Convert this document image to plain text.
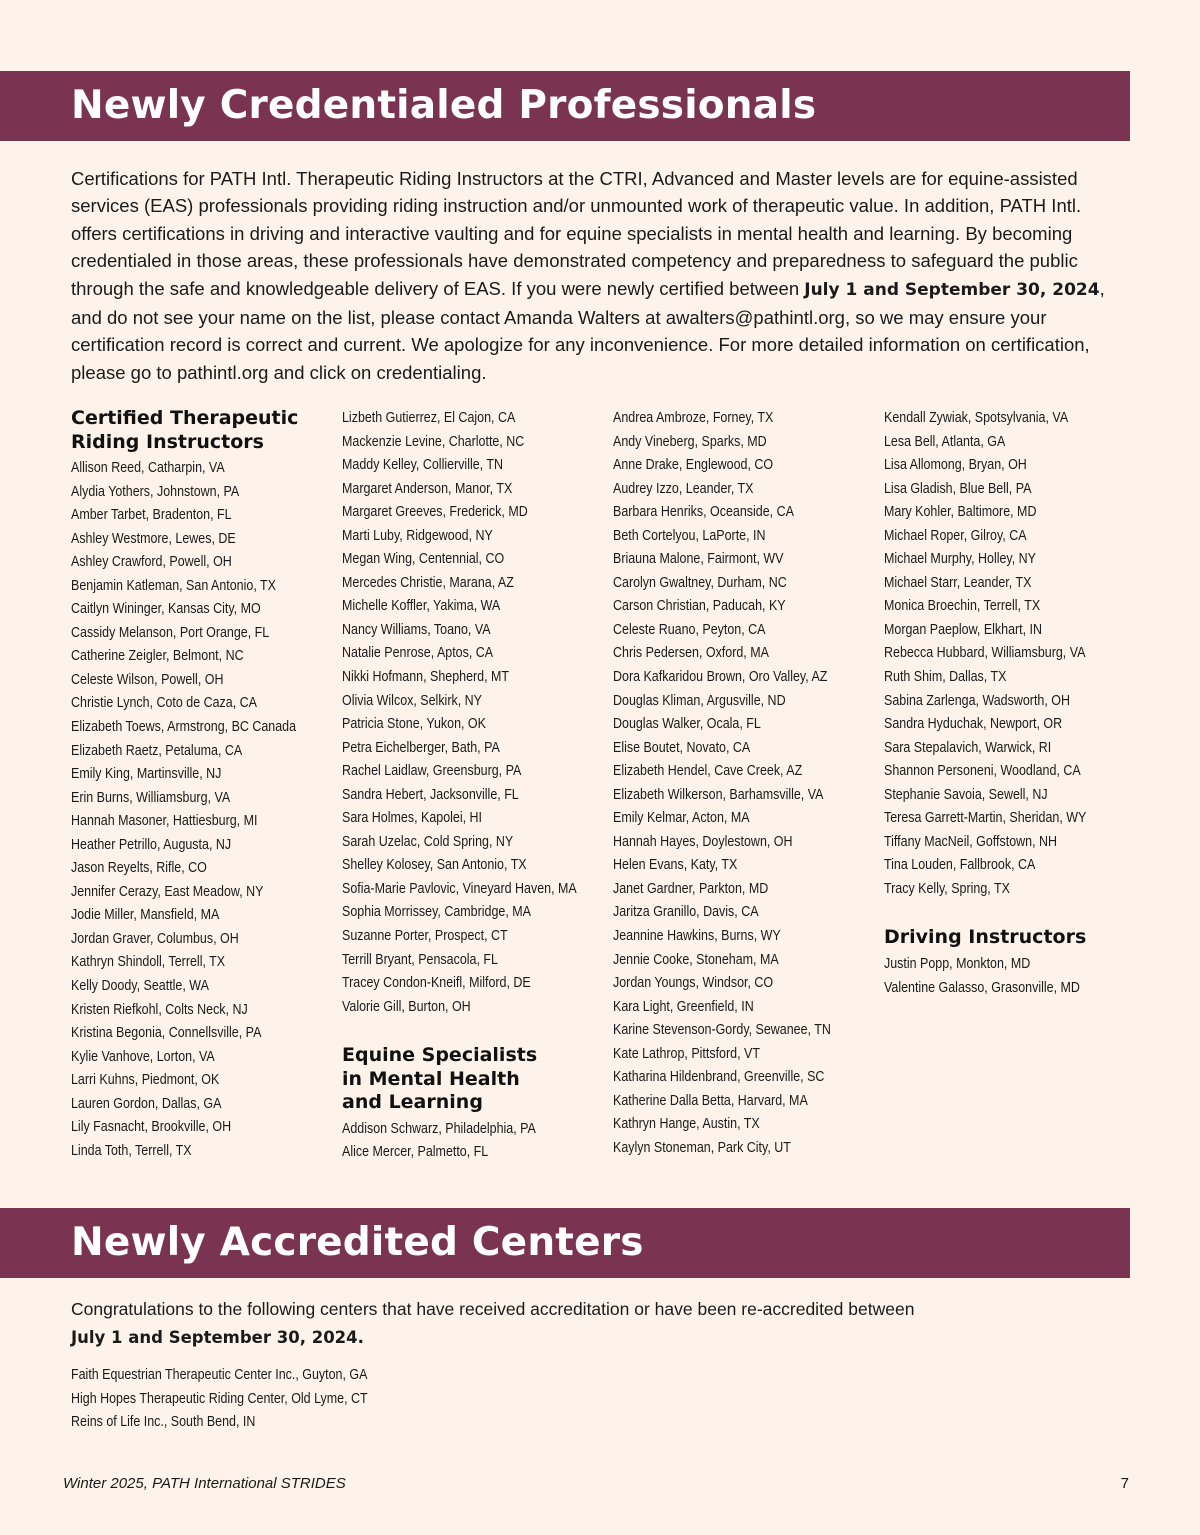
Newly Credentialed Professionals

Certifications for PATH Intl. Therapeutic Riding Instructors at the CTRI, Advanced and Master levels are for equine-assisted services (EAS) professionals providing riding instruction and/or unmounted work of therapeutic value. In addition, PATH Intl. offers certifications in driving and interactive vaulting and for equine specialists in mental health and learning. By becoming credentialed in those areas, these professionals have demonstrated competency and preparedness to safeguard the public through the safe and knowledgeable delivery of EAS. If you were newly certified between July 1 and September 30, 2024, and do not see your name on the list, please contact Amanda Walters at awalters@pathintl.org, so we may ensure your certification record is correct and current. We apologize for any inconvenience. For more detailed information on certification, please go to pathintl.org and click on credentialing.

Certified Therapeutic Riding Instructors
Allison Reed, Catharpin, VA
Alydia Yothers, Johnstown, PA
Amber Tarbet, Bradenton, FL
Ashley Westmore, Lewes, DE
Ashley Crawford, Powell, OH
Benjamin Katleman, San Antonio, TX
Caitlyn Wininger, Kansas City, MO
Cassidy Melanson, Port Orange, FL
Catherine Zeigler, Belmont, NC
Celeste Wilson, Powell, OH
Christie Lynch, Coto de Caza, CA
Elizabeth Toews, Armstrong, BC Canada
Elizabeth Raetz, Petaluma, CA
Emily King, Martinsville, NJ
Erin Burns, Williamsburg, VA
Hannah Masoner, Hattiesburg, MI
Heather Petrillo, Augusta, NJ
Jason Reyelts, Rifle, CO
Jennifer Cerazy, East Meadow, NY
Jodie Miller, Mansfield, MA
Jordan Graver, Columbus, OH
Kathryn Shindoll, Terrell, TX
Kelly Doody, Seattle, WA
Kristen Riefkohl, Colts Neck, NJ
Kristina Begonia, Connellsville, PA
Kylie Vanhove, Lorton, VA
Larri Kuhns, Piedmont, OK
Lauren Gordon, Dallas, GA
Lily Fasnacht, Brookville, OH
Linda Toth, Terrell, TX
Lizbeth Gutierrez, El Cajon, CA
Mackenzie Levine, Charlotte, NC
Maddy Kelley, Collierville, TN
Margaret Anderson, Manor, TX
Margaret Greeves, Frederick, MD
Marti Luby, Ridgewood, NY
Megan Wing, Centennial, CO
Mercedes Christie, Marana, AZ
Michelle Koffler, Yakima, WA
Nancy Williams, Toano, VA
Natalie Penrose, Aptos, CA
Nikki Hofmann, Shepherd, MT
Olivia Wilcox, Selkirk, NY
Patricia Stone, Yukon, OK
Petra Eichelberger, Bath, PA
Rachel Laidlaw, Greensburg, PA
Sandra Hebert, Jacksonville, FL
Sara Holmes, Kapolei, HI
Sarah Uzelac, Cold Spring, NY
Shelley Kolosey, San Antonio, TX
Sofia-Marie Pavlovic, Vineyard Haven, MA
Sophia Morrissey, Cambridge, MA
Suzanne Porter, Prospect, CT
Terrill Bryant, Pensacola, FL
Tracey Condon-Kneifl, Milford, DE
Valorie Gill, Burton, OH
Equine Specialists
in Mental Health
and Learning
Addison Schwarz, Philadelphia, PA
Alice Mercer, Palmetto, FL
Andrea Ambroze, Forney, TX
Andy Vineberg, Sparks, MD
Anne Drake, Englewood, CO
Audrey Izzo, Leander, TX
Barbara Henriks, Oceanside, CA
Beth Cortelyou, LaPorte, IN
Briauna Malone, Fairmont, WV
Carolyn Gwaltney, Durham, NC
Carson Christian, Paducah, KY
Celeste Ruano, Peyton, CA
Chris Pedersen, Oxford, MA
Dora Kafkaridou Brown, Oro Valley, AZ
Douglas Kliman, Argusville, ND
Douglas Walker, Ocala, FL
Elise Boutet, Novato, CA
Elizabeth Hendel, Cave Creek, AZ
Elizabeth Wilkerson, Barhamsville, VA
Emily Kelmar, Acton, MA
Hannah Hayes, Doylestown, OH
Helen Evans, Katy, TX
Janet Gardner, Parkton, MD
Jaritza Granillo, Davis, CA
Jeannine Hawkins, Burns, WY
Jennie Cooke, Stoneham, MA
Jordan Youngs, Windsor, CO
Kara Light, Greenfield, IN
Karine Stevenson-Gordy, Sewanee, TN
Kate Lathrop, Pittsford, VT
Katharina Hildenbrand, Greenville, SC
Katherine Dalla Betta, Harvard, MA
Kathryn Hange, Austin, TX
Kaylyn Stoneman, Park City, UT
Kendall Zywiak, Spotsylvania, VA
Lesa Bell, Atlanta, GA
Lisa Allomong, Bryan, OH
Lisa Gladish, Blue Bell, PA
Mary Kohler, Baltimore, MD
Michael Roper, Gilroy, CA
Michael Murphy, Holley, NY
Michael Starr, Leander, TX
Monica Broechin, Terrell, TX
Morgan Paeplow, Elkhart, IN
Rebecca Hubbard, Williamsburg, VA
Ruth Shim, Dallas, TX
Sabina Zarlenga, Wadsworth, OH
Sandra Hyduchak, Newport, OR
Sara Stepalavich, Warwick, RI
Shannon Personeni, Woodland, CA
Stephanie Savoia, Sewell, NJ
Teresa Garrett-Martin, Sheridan, WY
Tiffany MacNeil, Goffstown, NH
Tina Louden, Fallbrook, CA
Tracy Kelly, Spring, TX
Driving Instructors
Justin Popp, Monkton, MD
Valentine Galasso, Grasonville, MD
Newly Accredited Centers

Congratulations to the following centers that have received accreditation or have been re-accredited between
July 1 and September 30, 2024.

Faith Equestrian Therapeutic Center Inc., Guyton, GA
High Hopes Therapeutic Riding Center, Old Lyme, CT
Reins of Life Inc., South Bend, IN
Winter 2025, PATH International STRIDES	7
